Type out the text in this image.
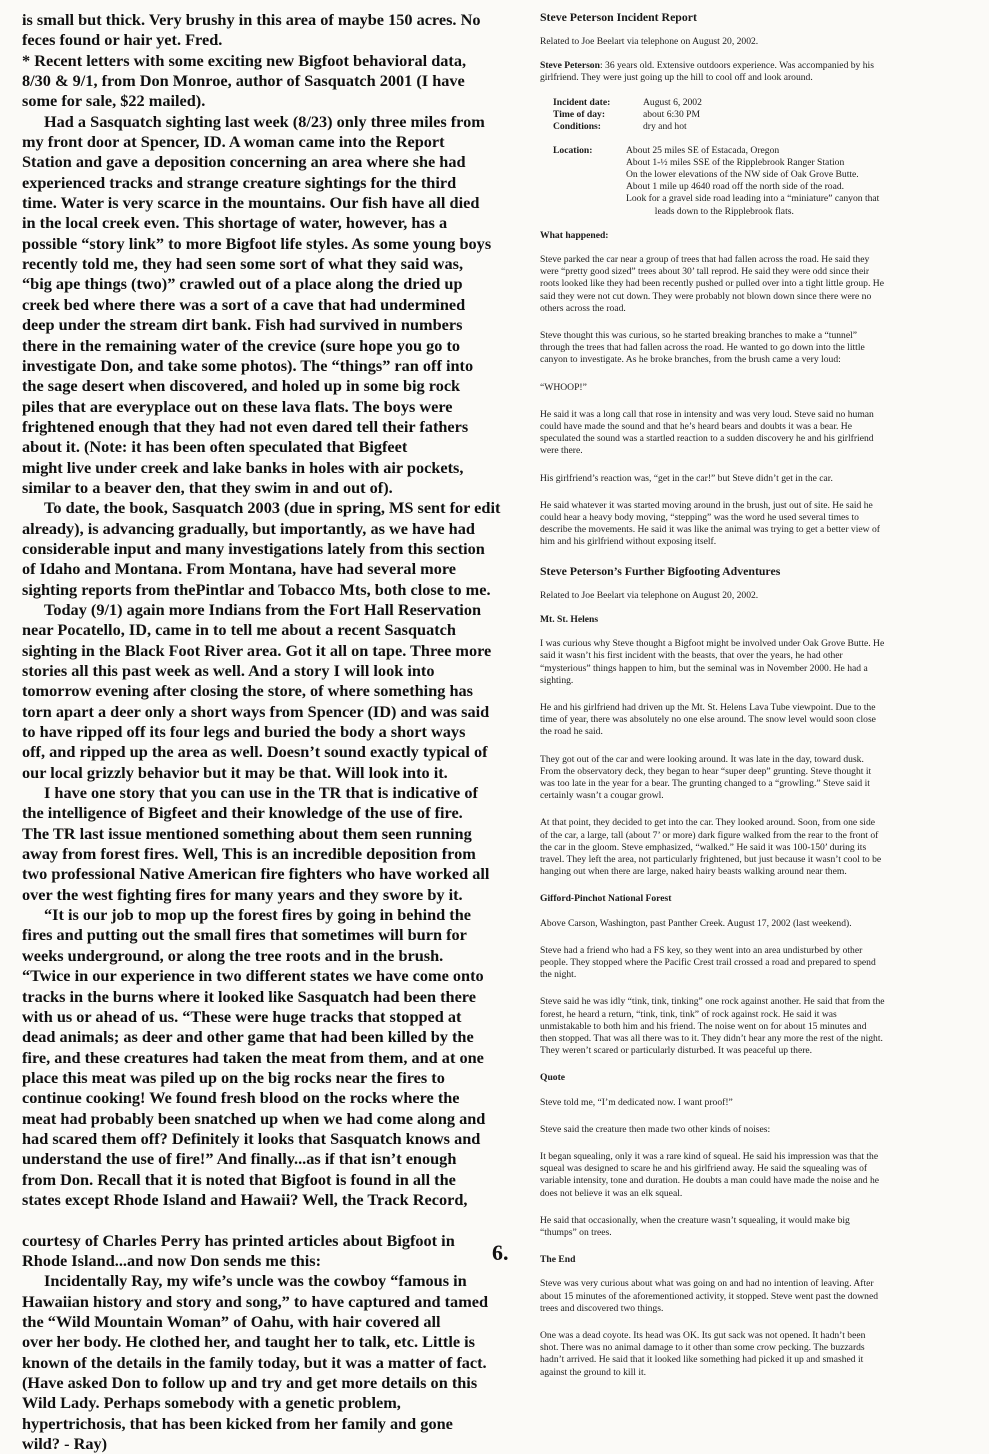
is small but thick. Very brushy in this area of maybe 150 acres. No

feces found or hair yet. Fred.

* Recent letters with some exciting new Bigfoot behavioral data,

8/30 & 9/1, from Don Monroe, author of Sasquatch 2001 (I have

some for sale, $22 mailed).

Had a Sasquatch sighting last week (8/23) only three miles from

my front door at Spencer, ID. A woman came into the Report

Station and gave a deposition concerning an area where she had

experienced tracks and strange creature sightings for the third

time. Water is very scarce in the mountains. Our fish have all died

in the local creek even. This shortage of water, however, has a

possible “story link” to more Bigfoot life styles. As some young boys

recently told me, they had seen some sort of what they said was,

“big ape things (two)” crawled out of a place along the dried up

creek bed where there was a sort of a cave that had undermined

deep under the stream dirt bank. Fish had survived in numbers

there in the remaining water of the crevice (sure hope you go to

investigate Don, and take some photos). The “things” ran off into

the sage desert when discovered, and holed up in some big rock

piles that are everyplace out on these lava flats. The boys were

frightened enough that they had not even dared tell their fathers

about it. (Note: it has been often speculated that Bigfeet

might live under creek and lake banks in holes with air pockets,

similar to a beaver den, that they swim in and out of).

To date, the book, Sasquatch 2003 (due in spring, MS sent for edit

already), is advancing gradually, but importantly, as we have had

considerable input and many investigations lately from this section

of Idaho and Montana. From Montana, have had several more

sighting reports from thePintlar and Tobacco Mts, both close to me.

Today (9/1) again more Indians from the Fort Hall Reservation

near Pocatello, ID, came in to tell me about a recent Sasquatch

sighting in the Black Foot River area. Got it all on tape. Three more

stories all this past week as well. And a story I will look into

tomorrow evening after closing the store, of where something has

torn apart a deer only a short ways from Spencer (ID) and was said

to have ripped off its four legs and buried the body a short ways

off, and ripped up the area as well. Doesn’t sound exactly typical of

our local grizzly behavior but it may be that. Will look into it.

I have one story that you can use in the TR that is indicative of

the intelligence of Bigfeet and their knowledge of the use of fire.

The TR last issue mentioned something about them seen running

away from forest fires. Well, This is an incredible deposition from

two professional Native American fire fighters who have worked all

over the west fighting fires for many years and they swore by it.

“It is our job to mop up the forest fires by going in behind the

fires and putting out the small fires that sometimes will burn for

weeks underground, or along the tree roots and in the brush.

“Twice in our experience in two different states we have come onto

tracks in the burns where it looked like Sasquatch had been there

with us or ahead of us. “These were huge tracks that stopped at

dead animals; as deer and other game that had been killed by the

fire, and these creatures had taken the meat from them, and at one

place this meat was piled up on the big rocks near the fires to

continue cooking! We found fresh blood on the rocks where the

meat had probably been snatched up when we had come along and

had scared them off? Definitely it looks that Sasquatch knows and

understand the use of fire!” And finally...as if that isn’t enough

from Don. Recall that it is noted that Bigfoot is found in all the

states except Rhode Island and Hawaii? Well, the Track Record,

courtesy of Charles Perry has printed articles about Bigfoot in

Rhode Island...and now Don sends me this:

Incidentally Ray, my wife’s uncle was the cowboy “famous in

Hawaiian history and story and song,” to have captured and tamed

the “Wild Mountain Woman” of Oahu, with hair covered all

over her body. He clothed her, and taught her to talk, etc. Little is

known of the details in the family today, but it was a matter of fact.

(Have asked Don to follow up and try and get more details on this

Wild Lady. Perhaps somebody with a genetic problem,

hypertrichosis, that has been kicked from her family and gone

wild? - Ray)

6.

Steve Peterson Incident Report

Related to Joe Beelart via telephone on August 20, 2002.

Steve Peterson: 36 years old. Extensive outdoors experience. Was accompanied by his

girlfriend. They were just going up the hill to cool off and look around.

Incident date:	August 6, 2002
Time of day:	about 6:30 PM
Conditions:	dry and hot
Location:	About 25 miles SE of Estacada, Oregon

About 1-½ miles SSE of the Ripplebrook Ranger Station

On the lower elevations of the NW side of Oak Grove Butte.

About 1 mile up 4640 road off the north side of the road.

Look for a gravel side road leading into a “miniature” canyon that

leads down to the Ripplebrook flats.

What happened:

Steve parked the car near a group of trees that had fallen across the road. He said they

were “pretty good sized” trees about 30’ tall reprod. He said they were odd since their

roots looked like they had been recently pushed or pulled over into a tight little group. He

said they were not cut down. They were probably not blown down since there were no

others across the road.

Steve thought this was curious, so he started breaking branches to make a “tunnel”

through the trees that had fallen across the road. He wanted to go down into the little

canyon to investigate. As he broke branches, from the brush came a very loud:

“WHOOP!”

He said it was a long call that rose in intensity and was very loud. Steve said no human

could have made the sound and that he’s heard bears and doubts it was a bear. He

speculated the sound was a startled reaction to a sudden discovery he and his girlfriend

were there.

His girlfriend’s reaction was, “get in the car!” but Steve didn’t get in the car.

He said whatever it was started moving around in the brush, just out of site. He said he

could hear a heavy body moving, “stepping” was the word he used several times to

describe the movements. He said it was like the animal was trying to get a better view of

him and his girlfriend without exposing itself.

Steve Peterson’s Further Bigfooting Adventures

Related to Joe Beelart via telephone on August 20, 2002.

Mt. St. Helens

I was curious why Steve thought a Bigfoot might be involved under Oak Grove Butte. He

said it wasn’t his first incident with the beasts, that over the years, he had other

“mysterious” things happen to him, but the seminal was in November 2000. He had a

sighting.

He and his girlfriend had driven up the Mt. St. Helens Lava Tube viewpoint. Due to the

time of year, there was absolutely no one else around. The snow level would soon close

the road he said.

They got out of the car and were looking around. It was late in the day, toward dusk.

From the observatory deck, they began to hear “super deep” grunting. Steve thought it

was too late in the year for a bear. The grunting changed to a “growling.” Steve said it

certainly wasn’t a cougar growl.

At that point, they decided to get into the car. They looked around. Soon, from one side

of the car, a large, tall (about 7’ or more) dark figure walked from the rear to the front of

the car in the gloom. Steve emphasized, “walked.” He said it was 100-150’ during its

travel. They left the area, not particularly frightened, but just because it wasn’t cool to be

hanging out when there are large, naked hairy beasts walking around near them.

Gifford-Pinchot National Forest

Above Carson, Washington, past Panther Creek. August 17, 2002 (last weekend).

Steve had a friend who had a FS key, so they went into an area undisturbed by other

people. They stopped where the Pacific Crest trail crossed a road and prepared to spend

the night.

Steve said he was idly “tink, tink, tinking” one rock against another. He said that from the

forest, he heard a return, “tink, tink, tink” of rock against rock. He said it was

unmistakable to both him and his friend. The noise went on for about 15 minutes and

then stopped. That was all there was to it. They didn’t hear any more the rest of the night.

They weren’t scared or particularly disturbed. It was peaceful up there.

Quote

Steve told me, “I’m dedicated now. I want proof!”

Steve said the creature then made two other kinds of noises:

It began squealing, only it was a rare kind of squeal. He said his impression was that the

squeal was designed to scare he and his girlfriend away. He said the squealing was of

variable intensity, tone and duration. He doubts a man could have made the noise and he

does not believe it was an elk squeal.

He said that occasionally, when the creature wasn’t squealing, it would make big

“thumps” on trees.

The End

Steve was very curious about what was going on and had no intention of leaving. After

about 15 minutes of the aforementioned activity, it stopped. Steve went past the downed

trees and discovered two things.

One was a dead coyote. Its head was OK. Its gut sack was not opened. It hadn’t been

shot. There was no animal damage to it other than some crow pecking. The buzzards

hadn’t arrived. He said that it looked like something had picked it up and smashed it

against the ground to kill it.
